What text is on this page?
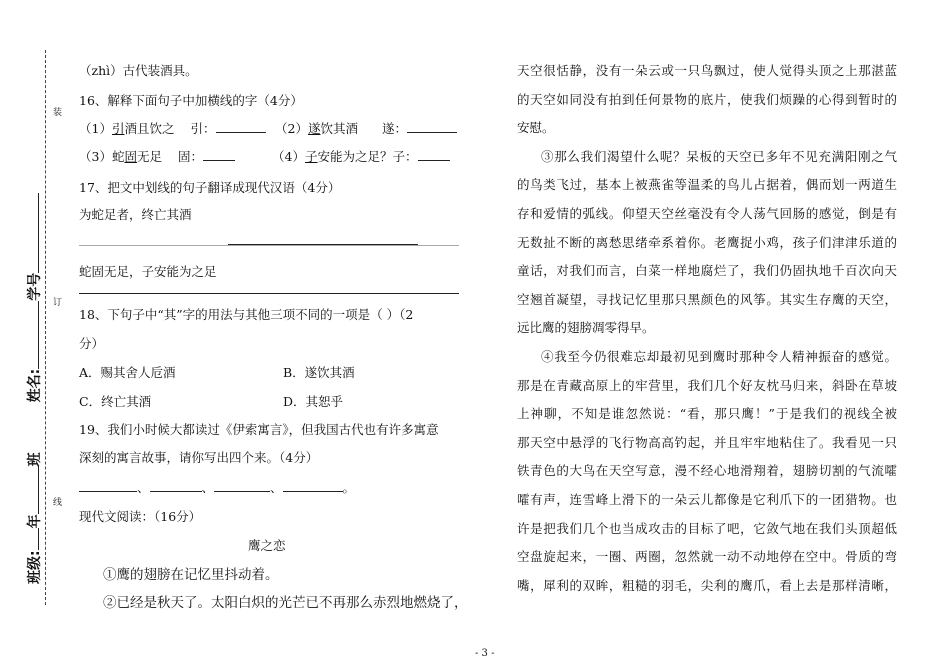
装
订
线
班级:年班姓名:学号
（zhì）古代装酒具。
16、解释下面句子中加横线的字（4分）
（1）引酒且饮之 引：	（2）遂饮其酒 遂：
（3）蛇固无足 固：	（4）子安能为之足？子：
17、把文中划线的句子翻译成现代汉语（4分）
为蛇足者，终亡其酒
蛇固无足，子安能为之足
18、下句子中“其”字的用法与其他三项不同的一项是（ ）（2
分）
A．赐其舍人卮酒	B．遂饮其酒
C．终亡其酒	D．其恕乎
19、我们小时候大都读过《伊索寓言》，但我国古代也有许多寓意
深刻的寓言故事，请你写出四个来。（4分）
、	、	、	。
现代文阅读：（16分）
鹰之恋
①鹰的翅膀在记忆里抖动着。
②已经是秋天了。太阳白炽的光芒已不再那么赤烈地燃烧了，
天空很恬静，没有一朵云或一只鸟飘过，使人觉得头顶之上那湛蓝
的天空如同没有拍到任何景物的底片，使我们烦躁的心得到暂时的
安慰。
③那么我们渴望什么呢？呆板的天空已多年不见充满阳刚之气
的鸟类飞过，基本上被燕雀等温柔的鸟儿占据着，偶而划一两道生
存和爱情的弧线。仰望天空丝毫没有令人荡气回肠的感觉，倒是有
无数扯不断的离愁思绪牵系着你。老鹰捉小鸡，孩子们津津乐道的
童话，对我们而言，白菜一样地腐烂了，我们仍固执地千百次向天
空翘首凝望，寻找记忆里那只黑颜色的风筝。其实生存鹰的天空，
远比鹰的翅膀凋零得早。
④我至今仍很难忘却最初见到鹰时那种令人精神振奋的感觉。
那是在青藏高原上的牢营里，我们几个好友枕马归来，斜卧在草坡
上神聊，不知是谁忽然说：“看，那只鹰！”于是我们的视线全被
那天空中悬浮的飞行物高高钓起，并且牢牢地粘住了。我看见一只
铁青色的大鸟在天空写意，漫不经心地滑翔着，翅膀切割的气流嚯
嚯有声，连雪峰上滑下的一朵云儿都像是它利爪下的一团猎物。也
许是把我们几个也当成攻击的目标了吧，它敛气地在我们头顶超低
空盘旋起来，一圈、两圈，忽然就一动不动地停在空中。骨质的弯
嘴，犀利的双眸，粗糙的羽毛，尖利的鹰爪，看上去是那样清晰，
- 3 -
